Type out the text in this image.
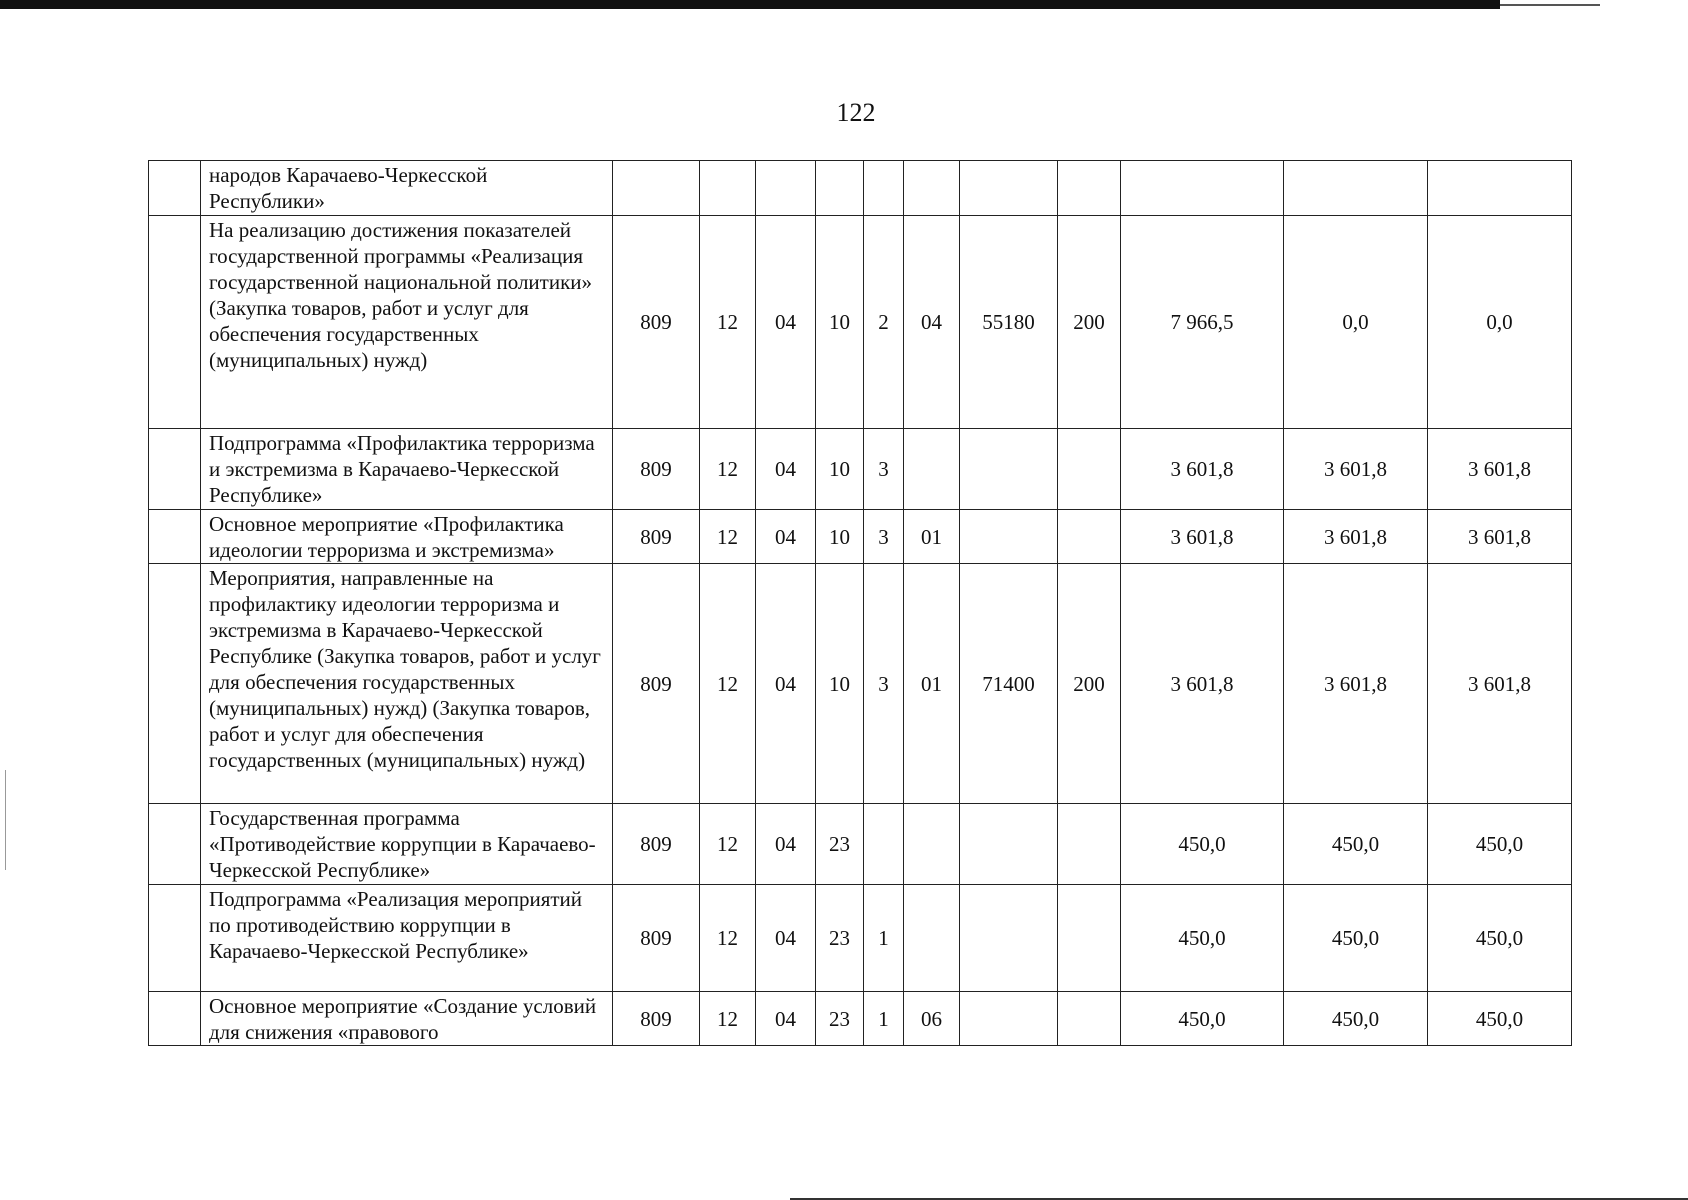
122
	народов Карачаево-Черкесской Республики»											
	На реализацию достижения показателей государственной программы «Реализация государственной национальной политики» (Закупка товаров, работ и услуг для обеспечения государственных (муниципальных) нужд)	809	12	04	10	2	04	55180	200	7 966,5	0,0	0,0
	Подпрограмма «Профилактика терроризма и экстремизма в Карачаево-Черкесской Республике»	809	12	04	10	3				3 601,8	3 601,8	3 601,8
	Основное мероприятие «Профилактика идеологии терроризма и экстремизма»	809	12	04	10	3	01			3 601,8	3 601,8	3 601,8
	Мероприятия, направленные на профилактику идеологии терроризма и экстремизма в Карачаево-Черкесской Республике (Закупка товаров, работ и услуг для обеспечения государственных (муниципальных) нужд) (Закупка товаров, работ и услуг для обеспечения государственных (муниципальных) нужд)	809	12	04	10	3	01	71400	200	3 601,8	3 601,8	3 601,8
	Государственная программа «Противодействие коррупции в Карачаево-Черкесской Республике»	809	12	04	23					450,0	450,0	450,0
	Подпрограмма «Реализация мероприятий по противодействию коррупции в Карачаево-Черкесской Республике»	809	12	04	23	1				450,0	450,0	450,0
	Основное мероприятие «Создание условий для снижения «правового	809	12	04	23	1	06			450,0	450,0	450,0
